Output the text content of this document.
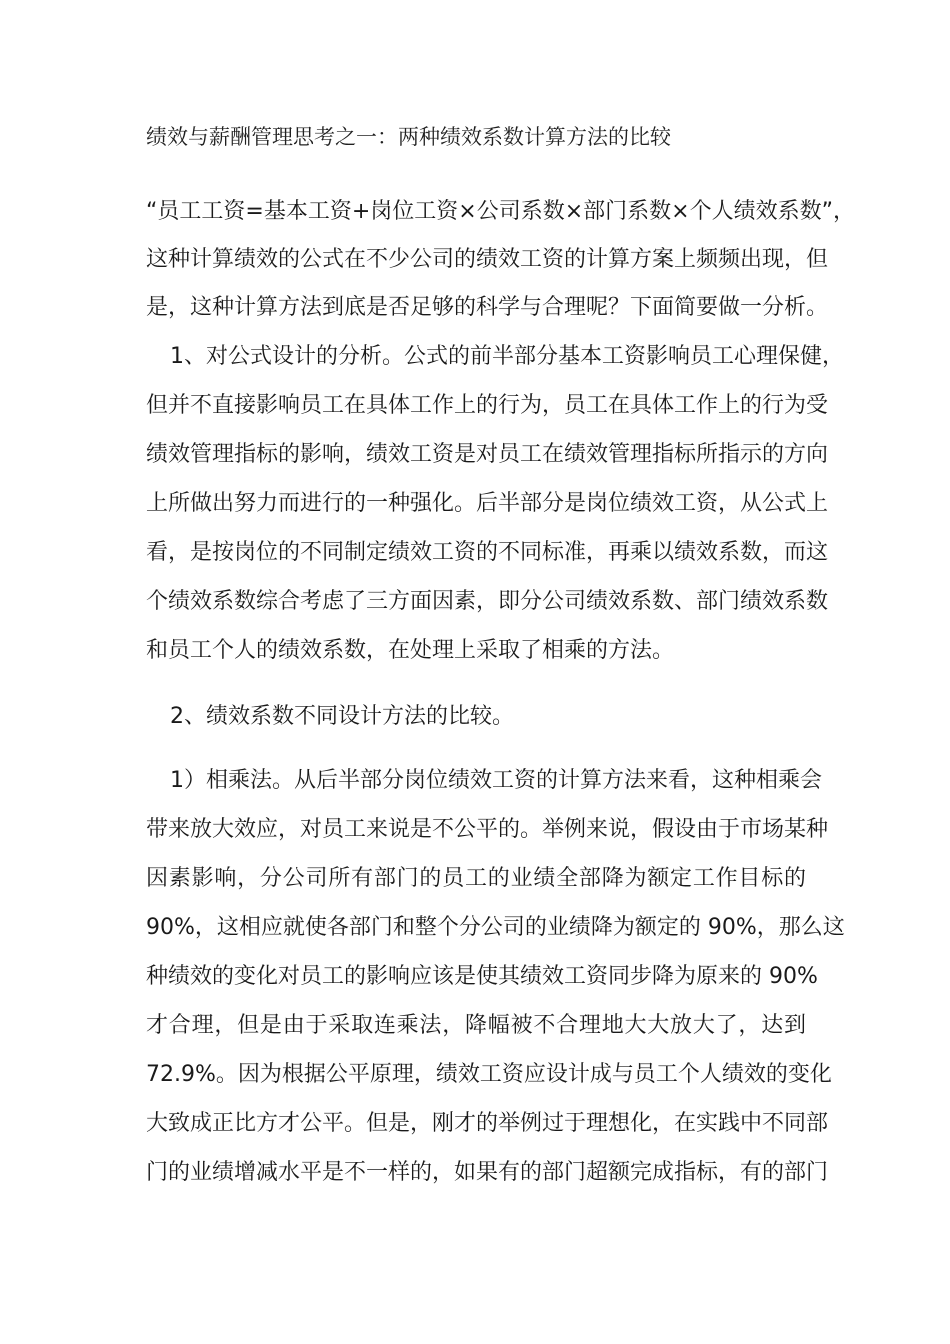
绩效与薪酬管理思考之一：两种绩效系数计算方法的比较
“员工工资=基本工资+岗位工资×公司系数×部门系数×个人绩效系数”，
这种计算绩效的公式在不少公司的绩效工资的计算方案上频频出现，但
是，这种计算方法到底是否足够的科学与合理呢？下面简要做一分析。
1、对公式设计的分析。公式的前半部分基本工资影响员工心理保健，
但并不直接影响员工在具体工作上的行为，员工在具体工作上的行为受
绩效管理指标的影响，绩效工资是对员工在绩效管理指标所指示的方向
上所做出努力而进行的一种强化。后半部分是岗位绩效工资，从公式上
看，是按岗位的不同制定绩效工资的不同标准，再乘以绩效系数，而这
个绩效系数综合考虑了三方面因素，即分公司绩效系数、部门绩效系数
和员工个人的绩效系数，在处理上采取了相乘的方法。
2、绩效系数不同设计方法的比较。
1）相乘法。从后半部分岗位绩效工资的计算方法来看，这种相乘会
带来放大效应，对员工来说是不公平的。举例来说，假设由于市场某种
因素影响，分公司所有部门的员工的业绩全部降为额定工作目标的
90%，这相应就使各部门和整个分公司的业绩降为额定的 90%，那么这
种绩效的变化对员工的影响应该是使其绩效工资同步降为原来的 90%
才合理，但是由于采取连乘法，降幅被不合理地大大放大了，达到
72.9%。因为根据公平原理，绩效工资应设计成与员工个人绩效的变化
大致成正比方才公平。但是，刚才的举例过于理想化，在实践中不同部
门的业绩增减水平是不一样的，如果有的部门超额完成指标，有的部门
